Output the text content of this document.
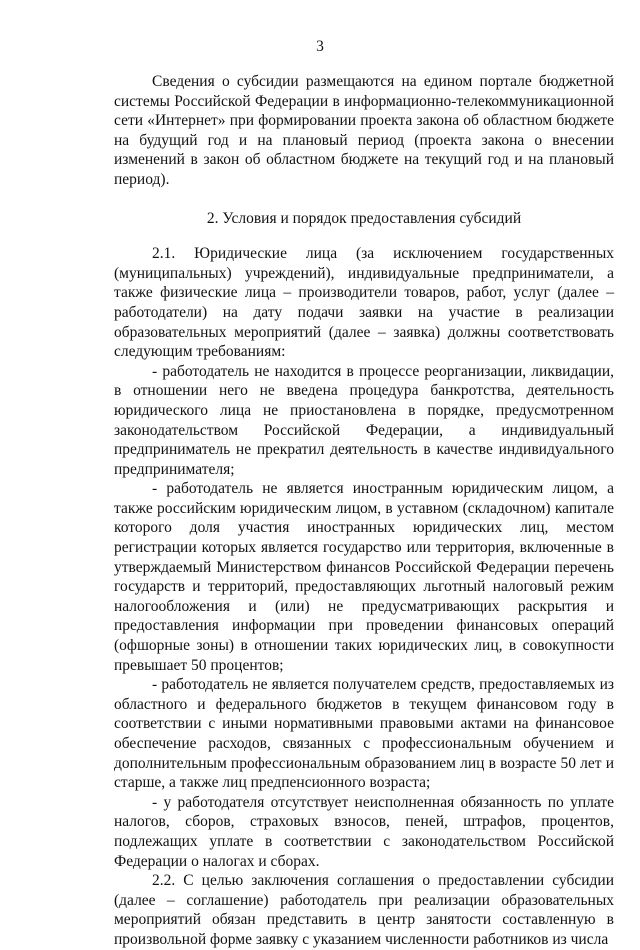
3

Сведения о субсидии размещаются на едином портале бюджетной системы Российской Федерации в информационно-телекоммуникационной сети «Интернет» при формировании проекта закона об областном бюджете на будущий год и на плановый период (проекта закона о внесении изменений в закон об областном бюджете на текущий год и на плановый период).

2. Условия и порядок предоставления субсидий

2.1. Юридические лица (за исключением государственных (муниципальных) учреждений), индивидуальные предприниматели, а также физические лица – производители товаров, работ, услуг (далее – работодатели) на дату подачи заявки на участие в реализации образовательных мероприятий (далее – заявка) должны соответствовать следующим требованиям:

- работодатель не находится в процессе реорганизации, ликвидации, в отношении него не введена процедура банкротства, деятельность юридического лица не приостановлена в порядке, предусмотренном законодательством Российской Федерации, а индивидуальный предприниматель не прекратил деятельность в качестве индивидуального предпринимателя;

- работодатель не является иностранным юридическим лицом, а также российским юридическим лицом, в уставном (складочном) капитале которого доля участия иностранных юридических лиц, местом регистрации которых является государство или территория, включенные в утверждаемый Министерством финансов Российской Федерации перечень государств и территорий, предоставляющих льготный налоговый режим налогообложения и (или) не предусматривающих раскрытия и предоставления информации при проведении финансовых операций (офшорные зоны) в отношении таких юридических лиц, в совокупности превышает 50 процентов;

- работодатель не является получателем средств, предоставляемых из областного и федерального бюджетов в текущем финансовом году в соответствии с иными нормативными правовыми актами на финансовое обеспечение расходов, связанных с профессиональным обучением и дополнительным профессиональным образованием лиц в возрасте 50 лет и старше, а также лиц предпенсионного возраста;

- у работодателя отсутствует неисполненная обязанность по уплате налогов, сборов, страховых взносов, пеней, штрафов, процентов, подлежащих уплате в соответствии с законодательством Российской Федерации о налогах и сборах.

2.2. С целью заключения соглашения о предоставлении субсидии (далее – соглашение) работодатель при реализации образовательных мероприятий обязан представить в центр занятости составленную в произвольной форме заявку с указанием численности работников из числа
